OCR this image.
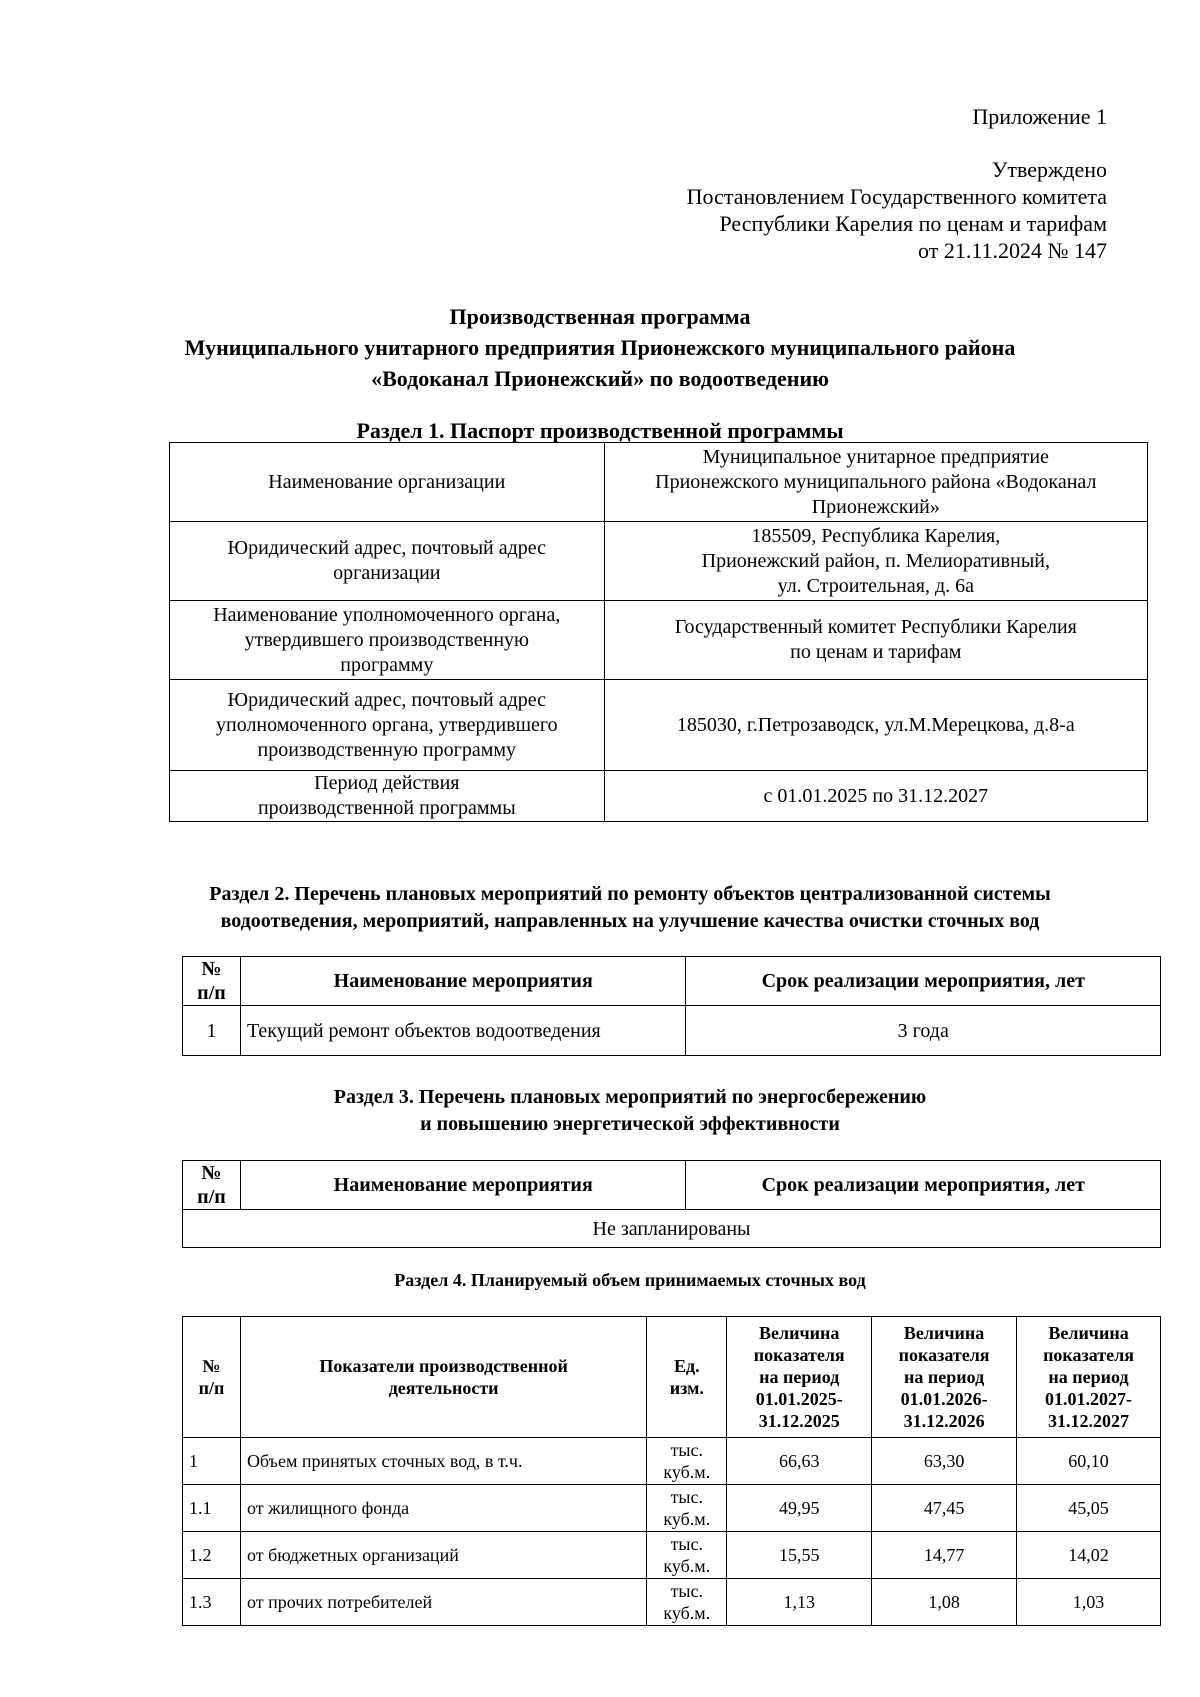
Приложение 1
Утверждено
Постановлением Государственного комитета
Республики Карелия по ценам и тарифам
от 21.11.2024 № 147
Производственная программа
Муниципального унитарного предприятия Прионежского муниципального района
«Водоканал Прионежский» по водоотведению
Раздел 1. Паспорт производственной программы
Наименование организации	Муниципальное унитарное предприятие
Прионежского муниципального района «Водоканал
Прионежский»

Юридический адрес, почтовый адрес
организации	185509, Республика Карелия,
Прионежский район, п. Мелиоративный,
ул. Строительная, д. 6а

Наименование уполномоченного органа,
утвердившего производственную
программу	Государственный комитет Республики Карелия
по ценам и тарифам

Юридический адрес, почтовый адрес
уполномоченного органа, утвердившего
производственную программу	185030, г.Петрозаводск, ул.М.Мерецкова, д.8-а

Период действия
производственной программы	с 01.01.2025 по 31.12.2027
Раздел 2. Перечень плановых мероприятий по ремонту объектов централизованной системы
водоотведения, мероприятий, направленных на улучшение качества очистки сточных вод
№
п/п	Наименование мероприятия	Срок реализации мероприятия, лет
1	Текущий ремонт объектов водоотведения	3 года
Раздел 3. Перечень плановых мероприятий по энергосбережению
и повышению энергетической эффективности
№
п/п
	Наименование мероприятия	Срок реализации мероприятия, лет
Не запланированы
Раздел 4. Планируемый объем принимаемых сточных вод
№
п/п	Показатели производственной
деятельности	Ед.
изм.	Величина
показателя
на период
01.01.2025-
31.12.2025	Величина
показателя
на период
01.01.2026-
31.12.2026	Величина
показателя
на период
01.01.2027-
31.12.2027

1	Объем принятых сточных вод, в т.ч.	тыс.
куб.м.	66,63	63,30	60,10
1.1	от жилищного фонда	тыс.
куб.м.	49,95	47,45	45,05
1.2	от бюджетных организаций	тыс.
куб.м.	15,55	14,77	14,02
1.3	от прочих потребителей	тыс.
куб.м.	1,13	1,08	1,03
